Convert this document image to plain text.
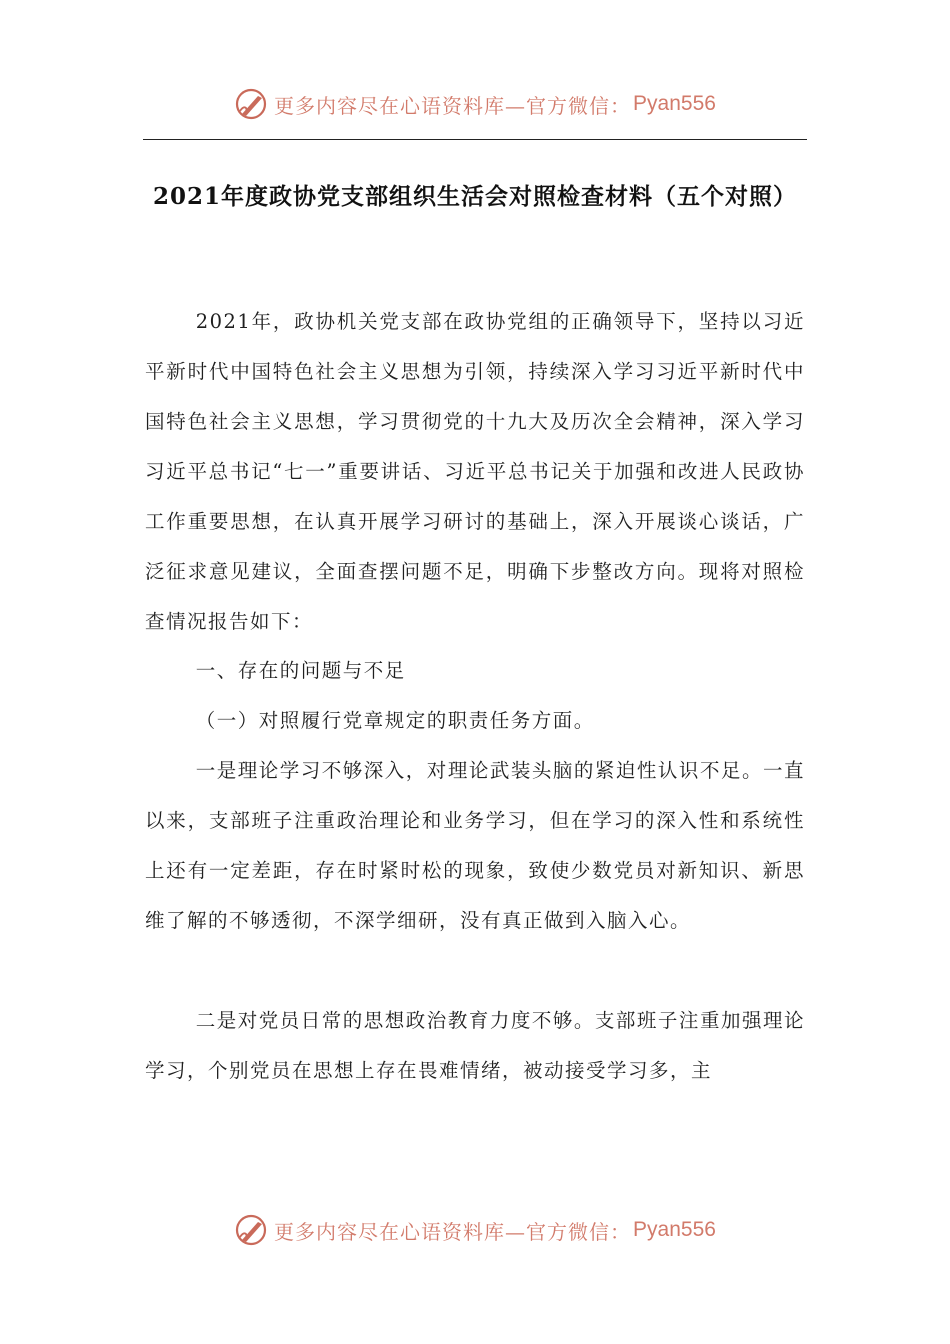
更多内容尽在心语资料库—官方微信： Pyan556
2021年度政协党支部组织生活会对照检查材料（五个对照）

2021年，政协机关党支部在政协党组的正确领导下，坚持以习近平新时代中国特色社会主义思想为引领，持续深入学习习近平新时代中国特色社会主义思想，学习贯彻党的十九大及历次全会精神，深入学习习近平总书记“七一”重要讲话、习近平总书记关于加强和改进人民政协工作重要思想，在认真开展学习研讨的基础上，深入开展谈心谈话，广泛征求意见建议，全面查摆问题不足，明确下步整改方向。现将对照检查情况报告如下：

一、存在的问题与不足

（一）对照履行党章规定的职责任务方面。

一是理论学习不够深入，对理论武装头脑的紧迫性认识不足。一直以来，支部班子注重政治理论和业务学习，但在学习的深入性和系统性上还有一定差距，存在时紧时松的现象，致使少数党员对新知识、新思维了解的不够透彻，不深学细研，没有真正做到入脑入心。

二是对党员日常的思想政治教育力度不够。支部班子注重加强理论学习，个别党员在思想上存在畏难情绪，被动接受学习多，主

更多内容尽在心语资料库—官方微信： Pyan556
